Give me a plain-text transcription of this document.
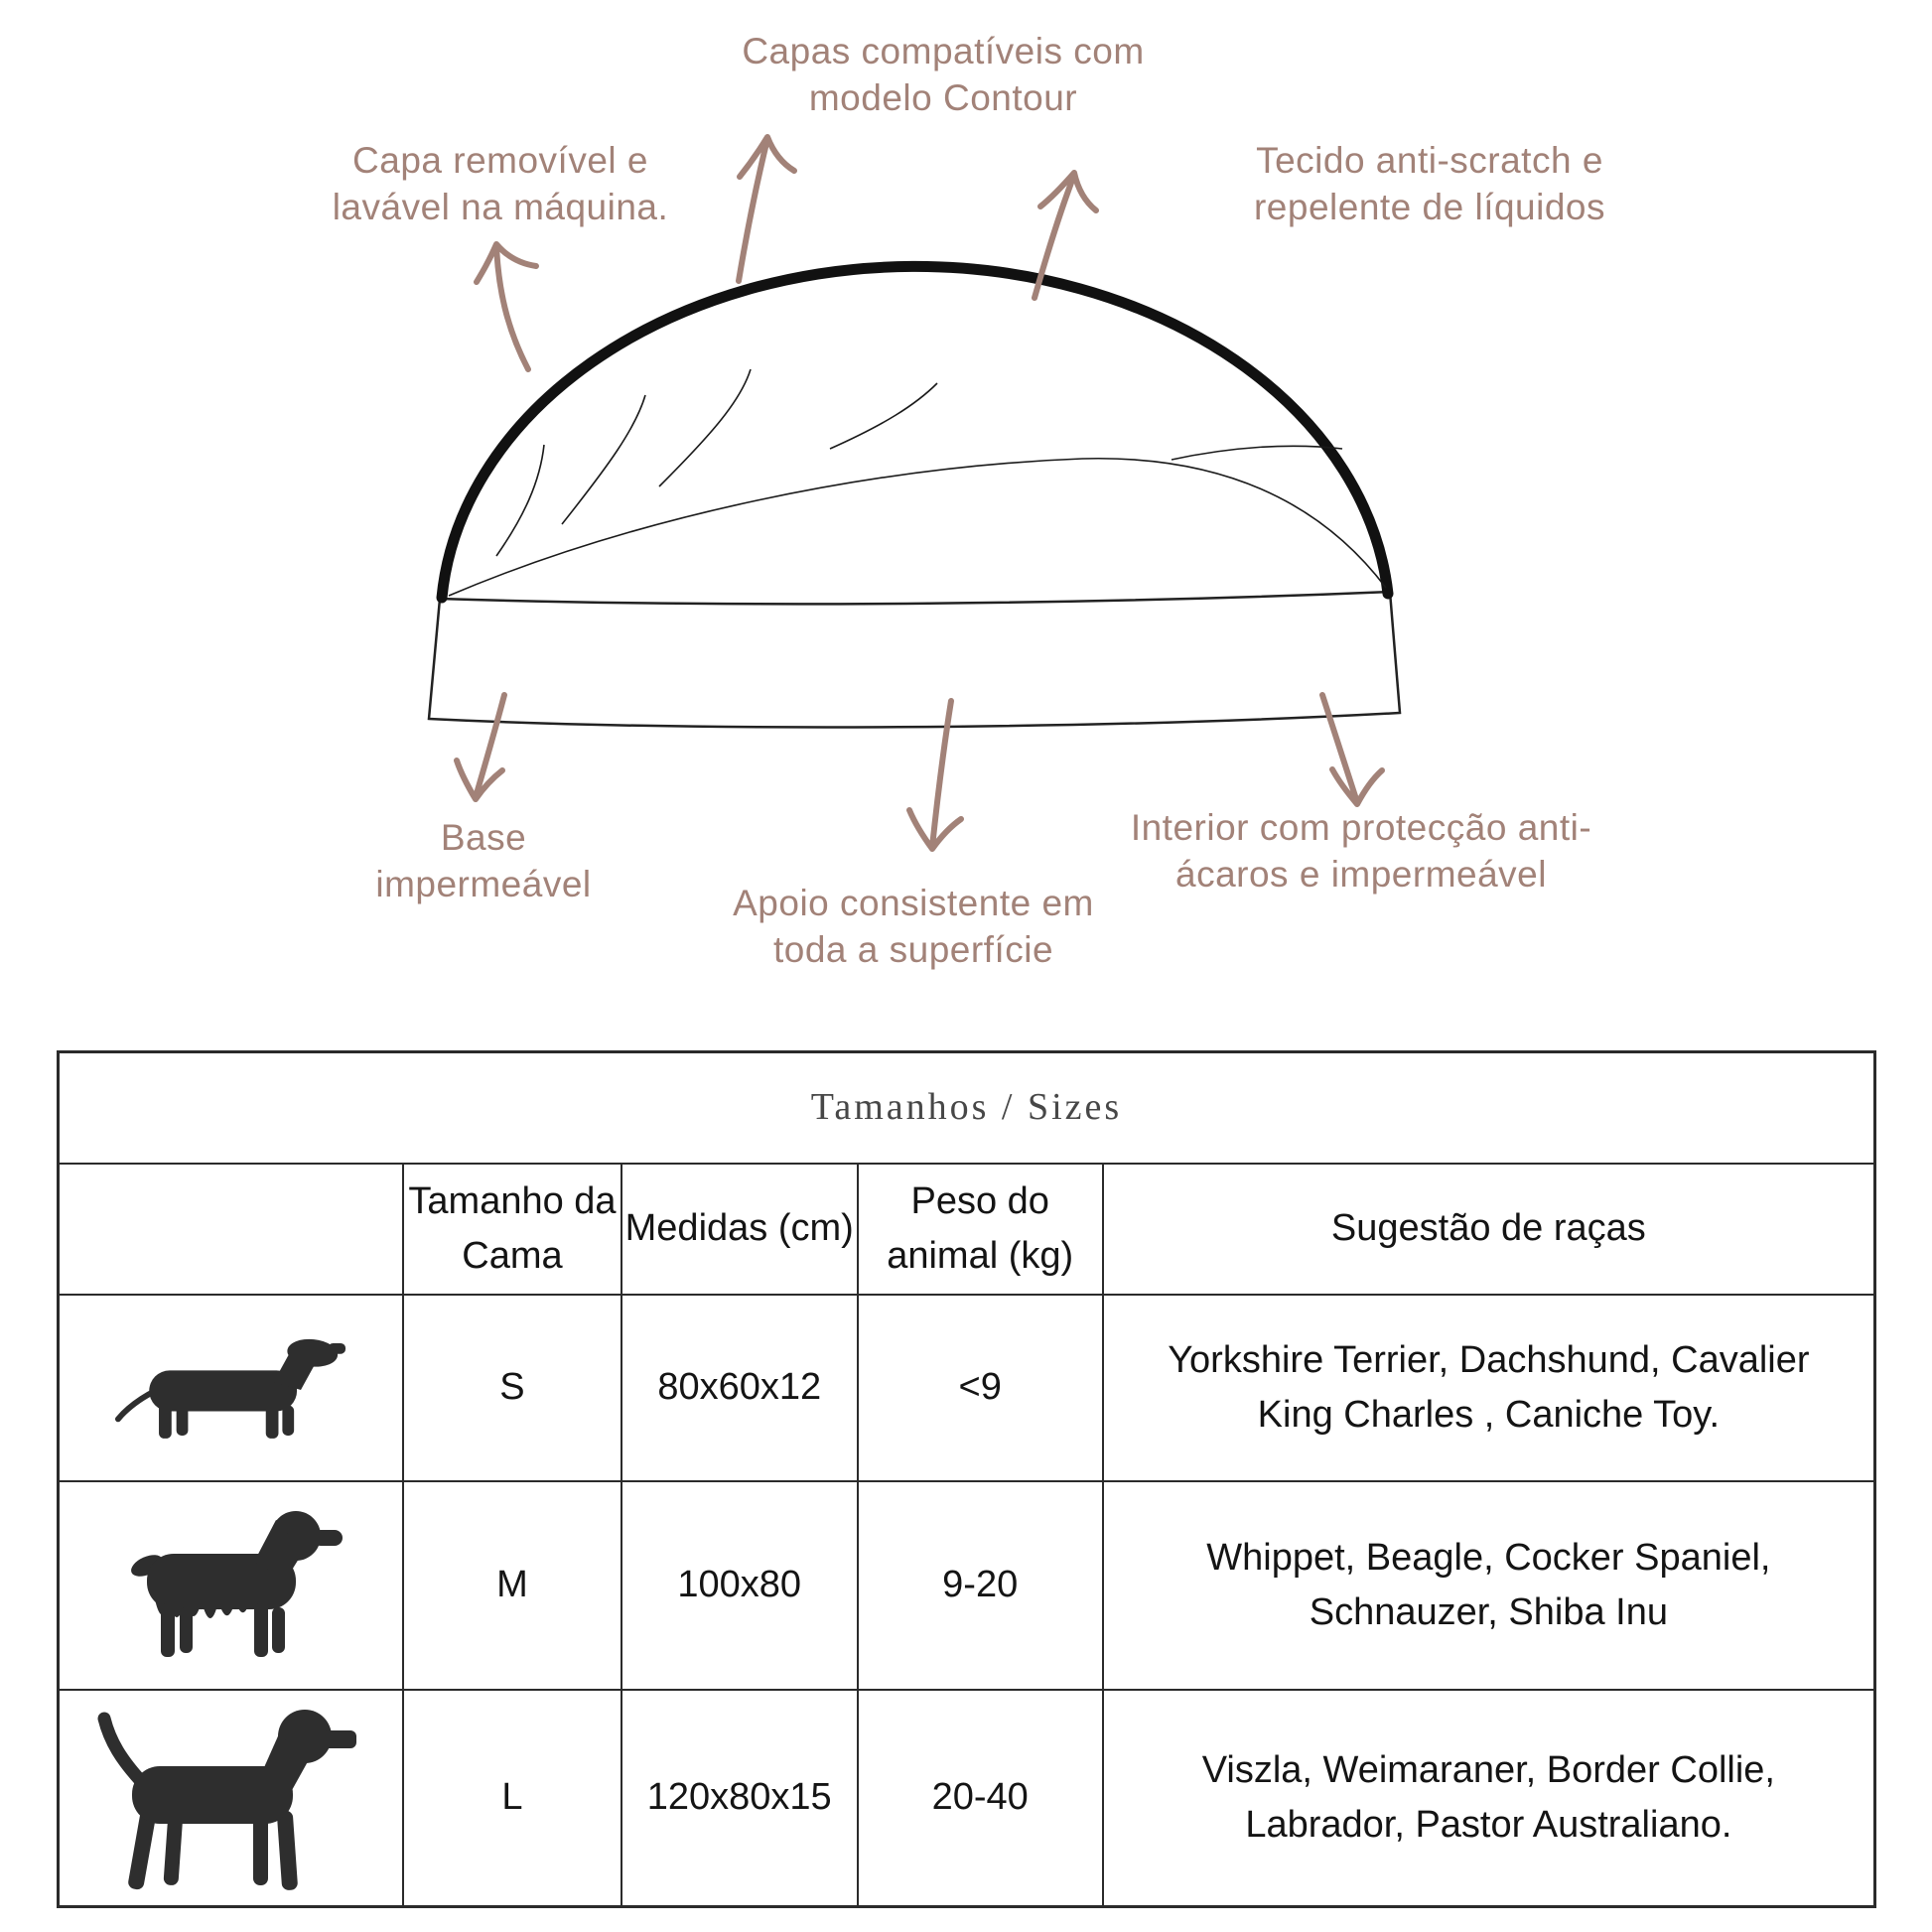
Capas compatíveis com modelo Contour
Capa removível e lavável na máquina.
Tecido anti-scratch e repelente de líquidos
Base impermeável	Apoio consistente em toda a superfície
Interior com protecção anti-ácaros e impermeável
Tamanhos / Sizes				
	Tamanho da Cama	Medidas (cm)	Peso do animal (kg)	Sugestão de raças

	S	80x60x12	<9	Yorkshire Terrier, Dachshund, Cavalier King Charles , Caniche Toy.

	M	100x80	9-20	Whippet, Beagle, Cocker Spaniel, Schnauzer, Shiba Inu

	L	120x80x15	20-40	Viszla, Weimaraner, Border Collie, Labrador, Pastor Australiano.
